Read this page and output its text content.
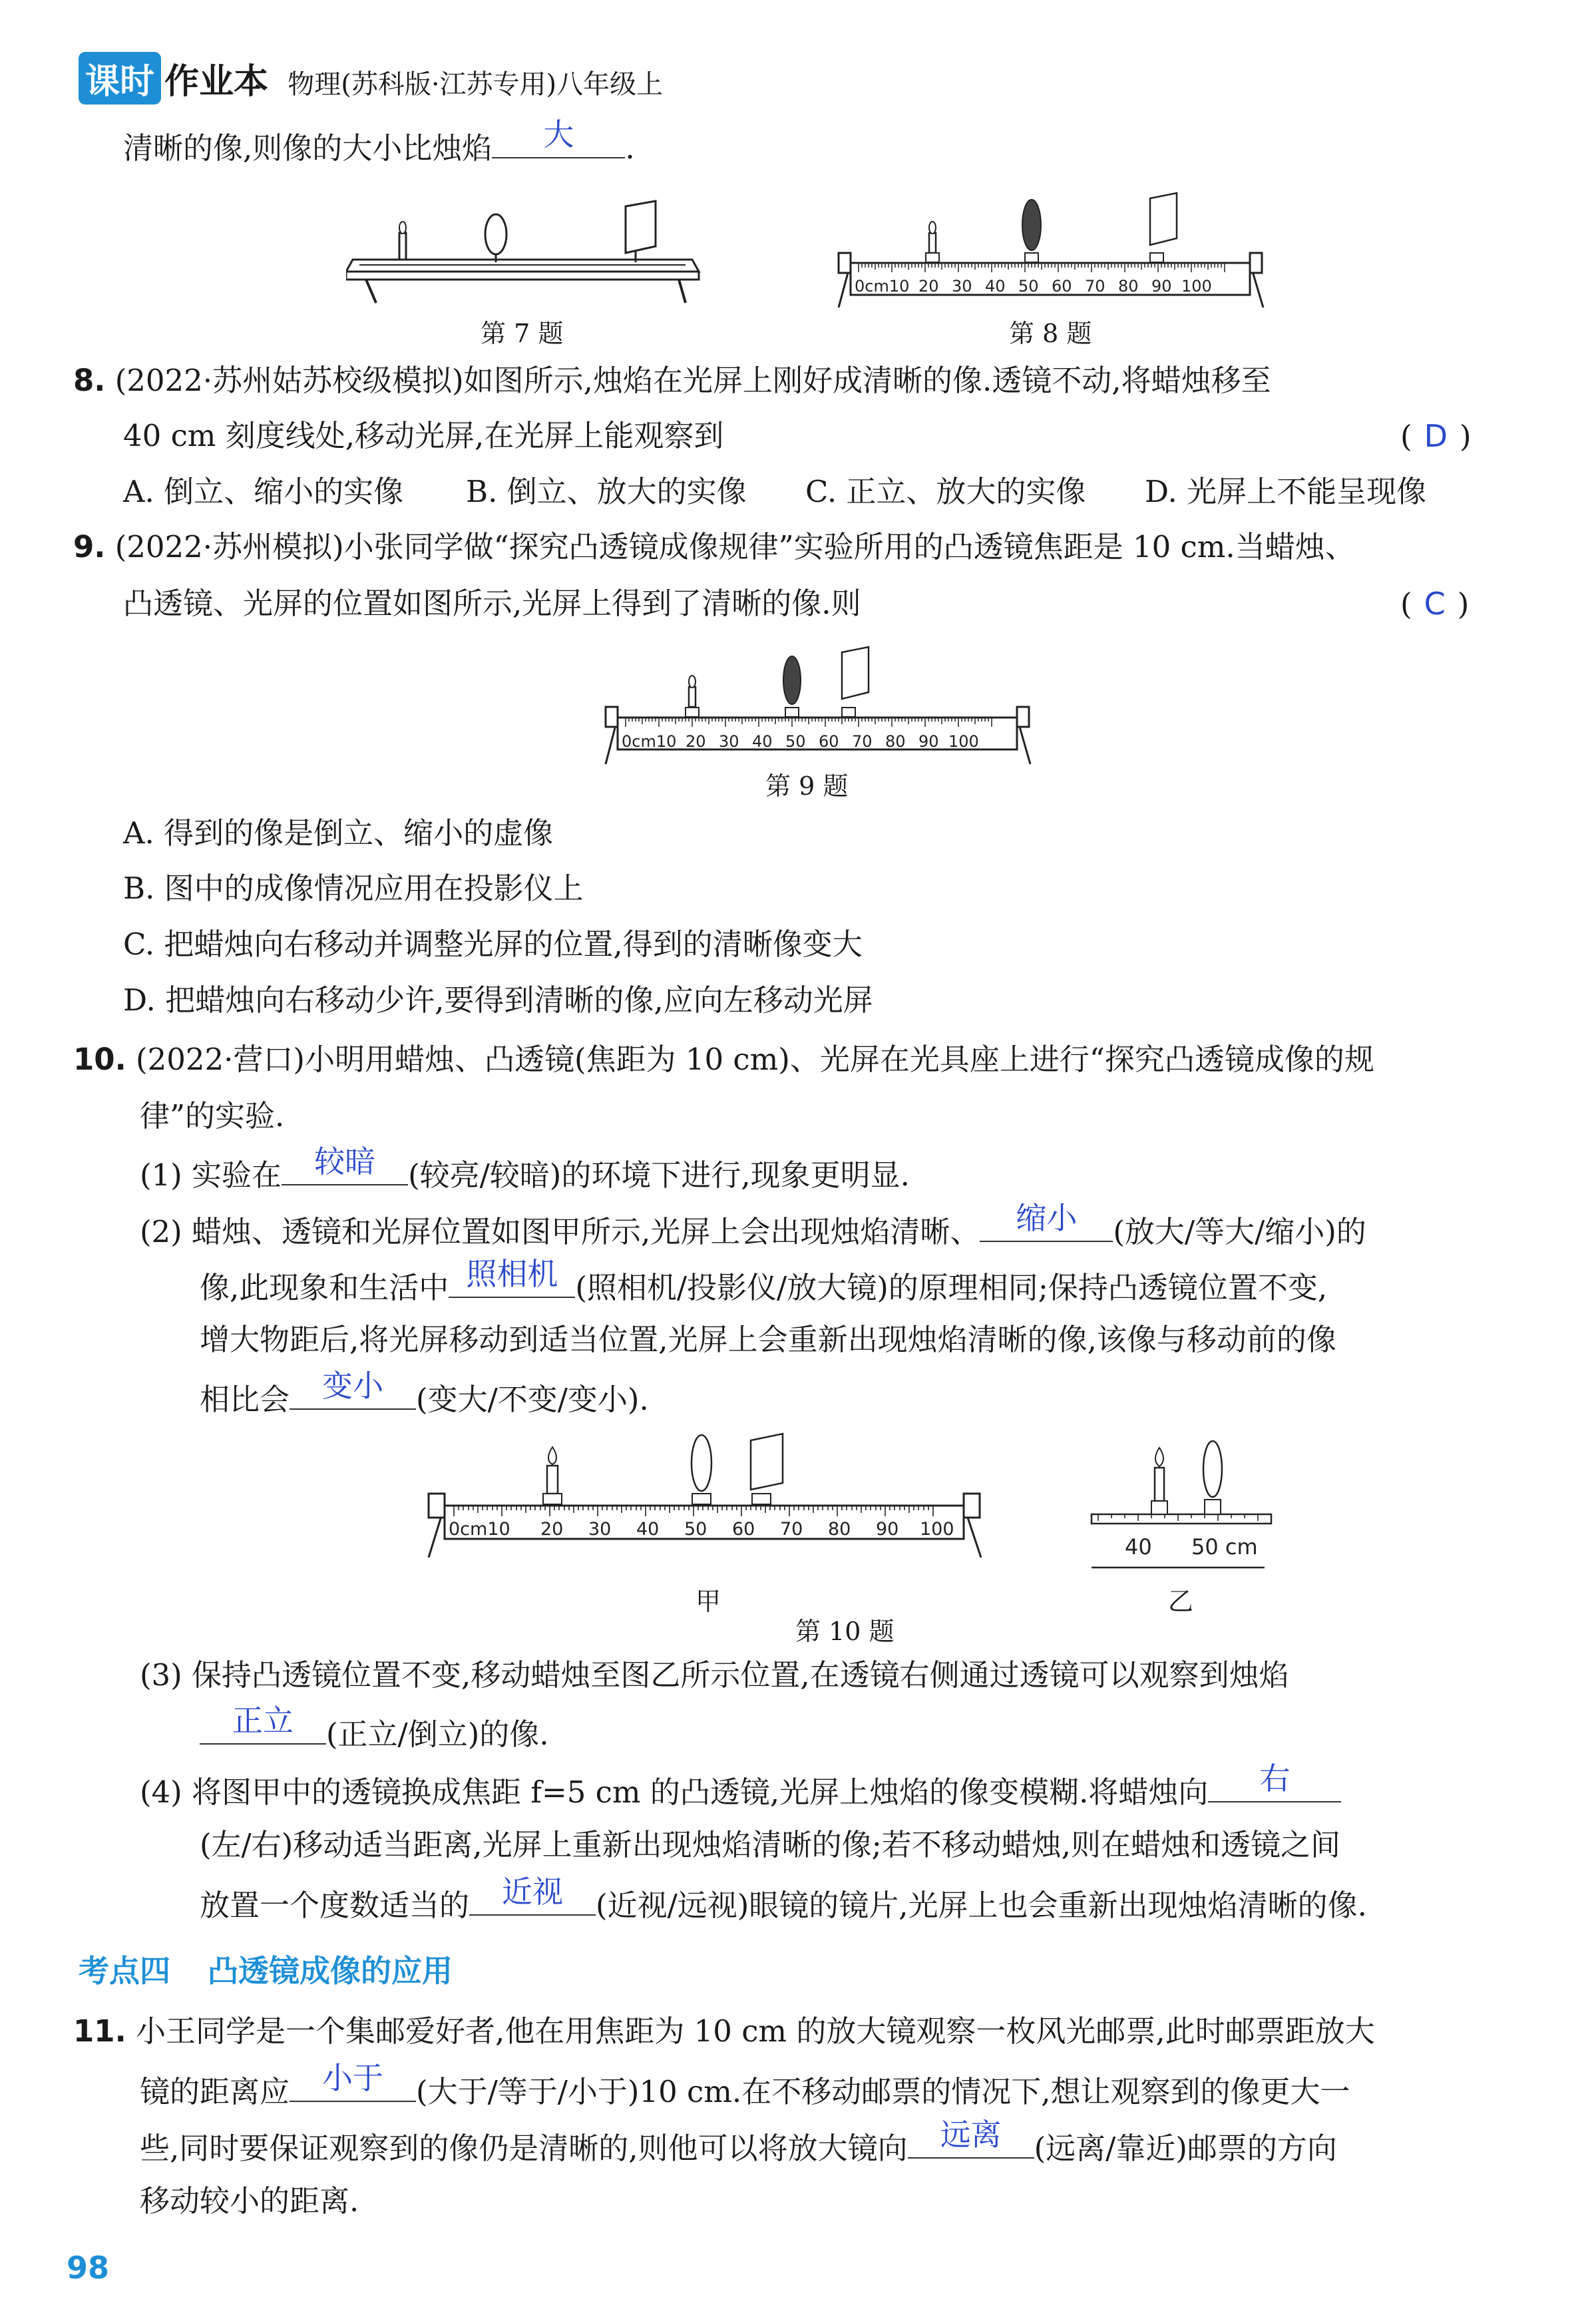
课时 作业本 物理(苏科版·江苏专用)八年级上
清晰的像,则像的大小比烛焰	大	.
第 7 题
0cm10 20 30 40 50 60 70 80 90 100
第 8 题
8. (2022·苏州姑苏校级模拟)如图所示,烛焰在光屏上刚好成清晰的像.透镜不动,将蜡烛移至
40 cm 刻度线处,移动光屏,在光屏上能观察到	( D )
A. 倒立、缩小的实像 B. 倒立、放大的实像 C. 正立、放大的实像 D. 光屏上不能呈现像
9. (2022·苏州模拟)小张同学做“探究凸透镜成像规律”实验所用的凸透镜焦距是 10 cm.当蜡烛、
凸透镜、光屏的位置如图所示,光屏上得到了清晰的像.则	( C )
0cm10 20 30 40 50 60 70 80 90 100
第 9 题
A. 得到的像是倒立、缩小的虚像
B. 图中的成像情况应用在投影仪上
C. 把蜡烛向右移动并调整光屏的位置,得到的清晰像变大
D. 把蜡烛向右移动少许,要得到清晰的像,应向左移动光屏
10. (2022·营口)小明用蜡烛、凸透镜(焦距为 10 cm)、光屏在光具座上进行“探究凸透镜成像的规
律”的实验.
(1) 实验在	较暗	(较亮/较暗)的环境下进行,现象更明显.
(2) 蜡烛、透镜和光屏位置如图甲所示,光屏上会出现烛焰清晰、	缩小	(放大/等大/缩小)的
像,此现象和生活中 照相机 (照相机/投影仪/放大镜)的原理相同;保持凸透镜位置不变,
增大物距后,将光屏移动到适当位置,光屏上会重新出现烛焰清晰的像,该像与移动前的像
相比会	变小	(变大/不变/变小).
0cm10 20 30 40 50 60 70 80 90 100
甲
40 50 cm
乙
第 10 题
(3) 保持凸透镜位置不变,移动蜡烛至图乙所示位置,在透镜右侧通过透镜可以观察到烛焰
正立	(正立/倒立)的像.
(4) 将图甲中的透镜换成焦距 f=5 cm 的凸透镜,光屏上烛焰的像变模糊.将蜡烛向	右
(左/右)移动适当距离,光屏上重新出现烛焰清晰的像;若不移动蜡烛,则在蜡烛和透镜之间
放置一个度数适当的	近视	(近视/远视)眼镜的镜片,光屏上也会重新出现烛焰清晰的像.
考点四 凸透镜成像的应用
11. 小王同学是一个集邮爱好者,他在用焦距为 10 cm 的放大镜观察一枚风光邮票,此时邮票距放大
镜的距离应	小于	(大于/等于/小于)10 cm.在不移动邮票的情况下,想让观察到的像更大一
些,同时要保证观察到的像仍是清晰的,则他可以将放大镜向	远离	(远离/靠近)邮票的方向
移动较小的距离.
98
